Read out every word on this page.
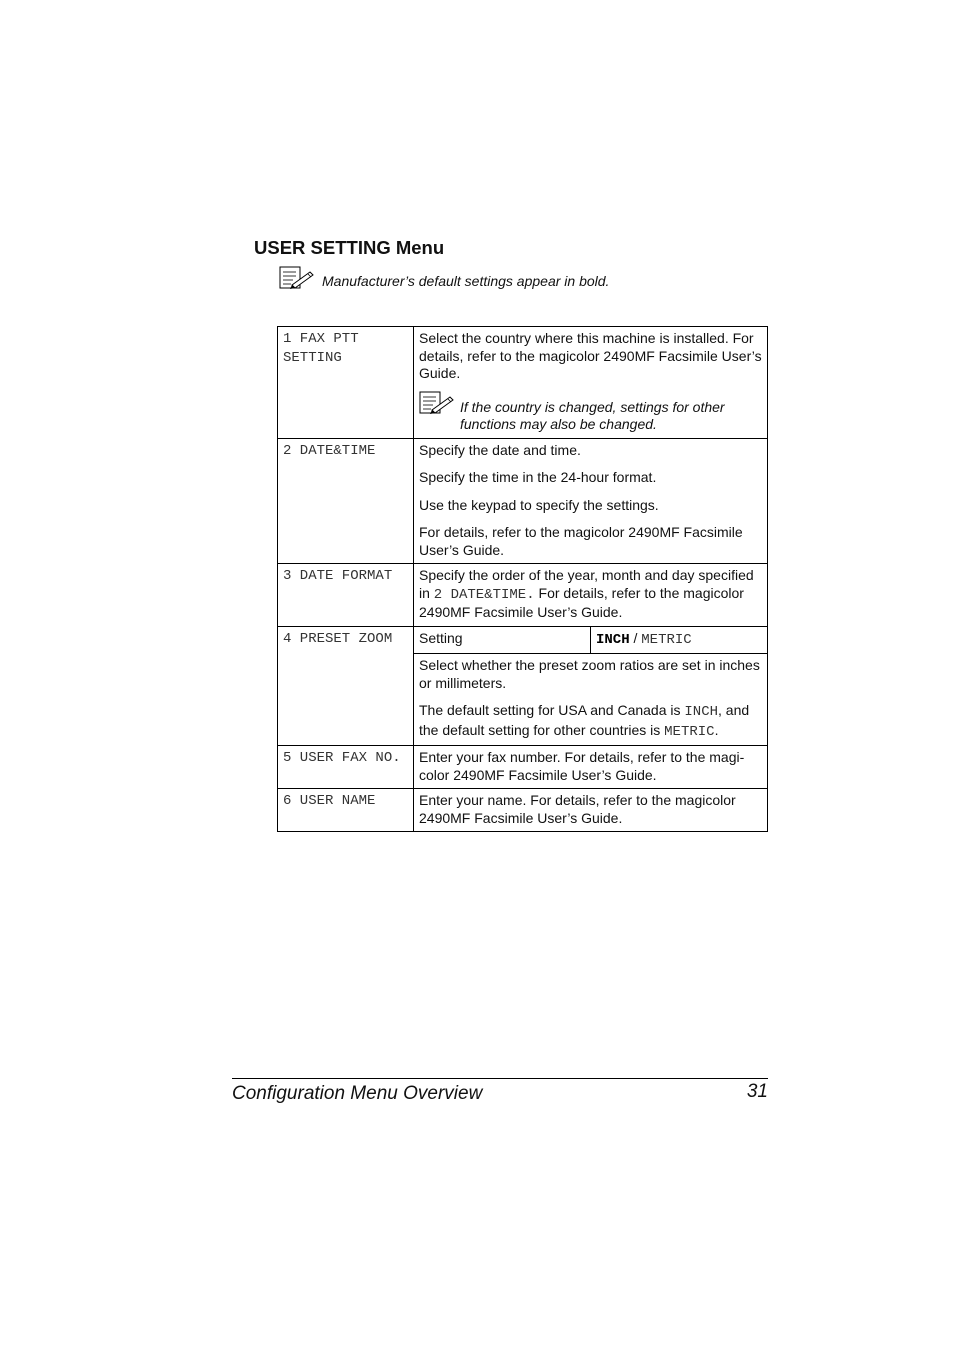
USER SETTING Menu
Manufacturer’s default settings appear in bold.
1 FAX PTT SETTING	Select the country where this machine is installed. For details, refer to the magicolor 2490MF Facsimile User’s Guide.

If the country is changed, settings for other functions may also be changed.	

2 DATE&TIME	Specify the date and time.

Specify the time in the 24-hour format.

Use the keypad to specify the settings.

For details, refer to the magicolor 2490MF Facsimile User’s Guide.	

3 DATE FORMAT	Specify the order of the year, month and day specified in 2 DATE&TIME. For details, refer to the magicolor 2490MF Facsimile User’s Guide.	

4 PRESET ZOOM	Setting	INCH / METRIC

	Select whether the preset zoom ratios are set in inches or millimeters.

The default setting for USA and Canada is INCH, and the default setting for other countries is METRIC.	

5 USER FAX NO.	Enter your fax number. For details, refer to the magi-color 2490MF Facsimile User’s Guide.	

6 USER NAME	Enter your name. For details, refer to the magicolor 2490MF Facsimile User’s Guide.	

Configuration Menu Overview	31
